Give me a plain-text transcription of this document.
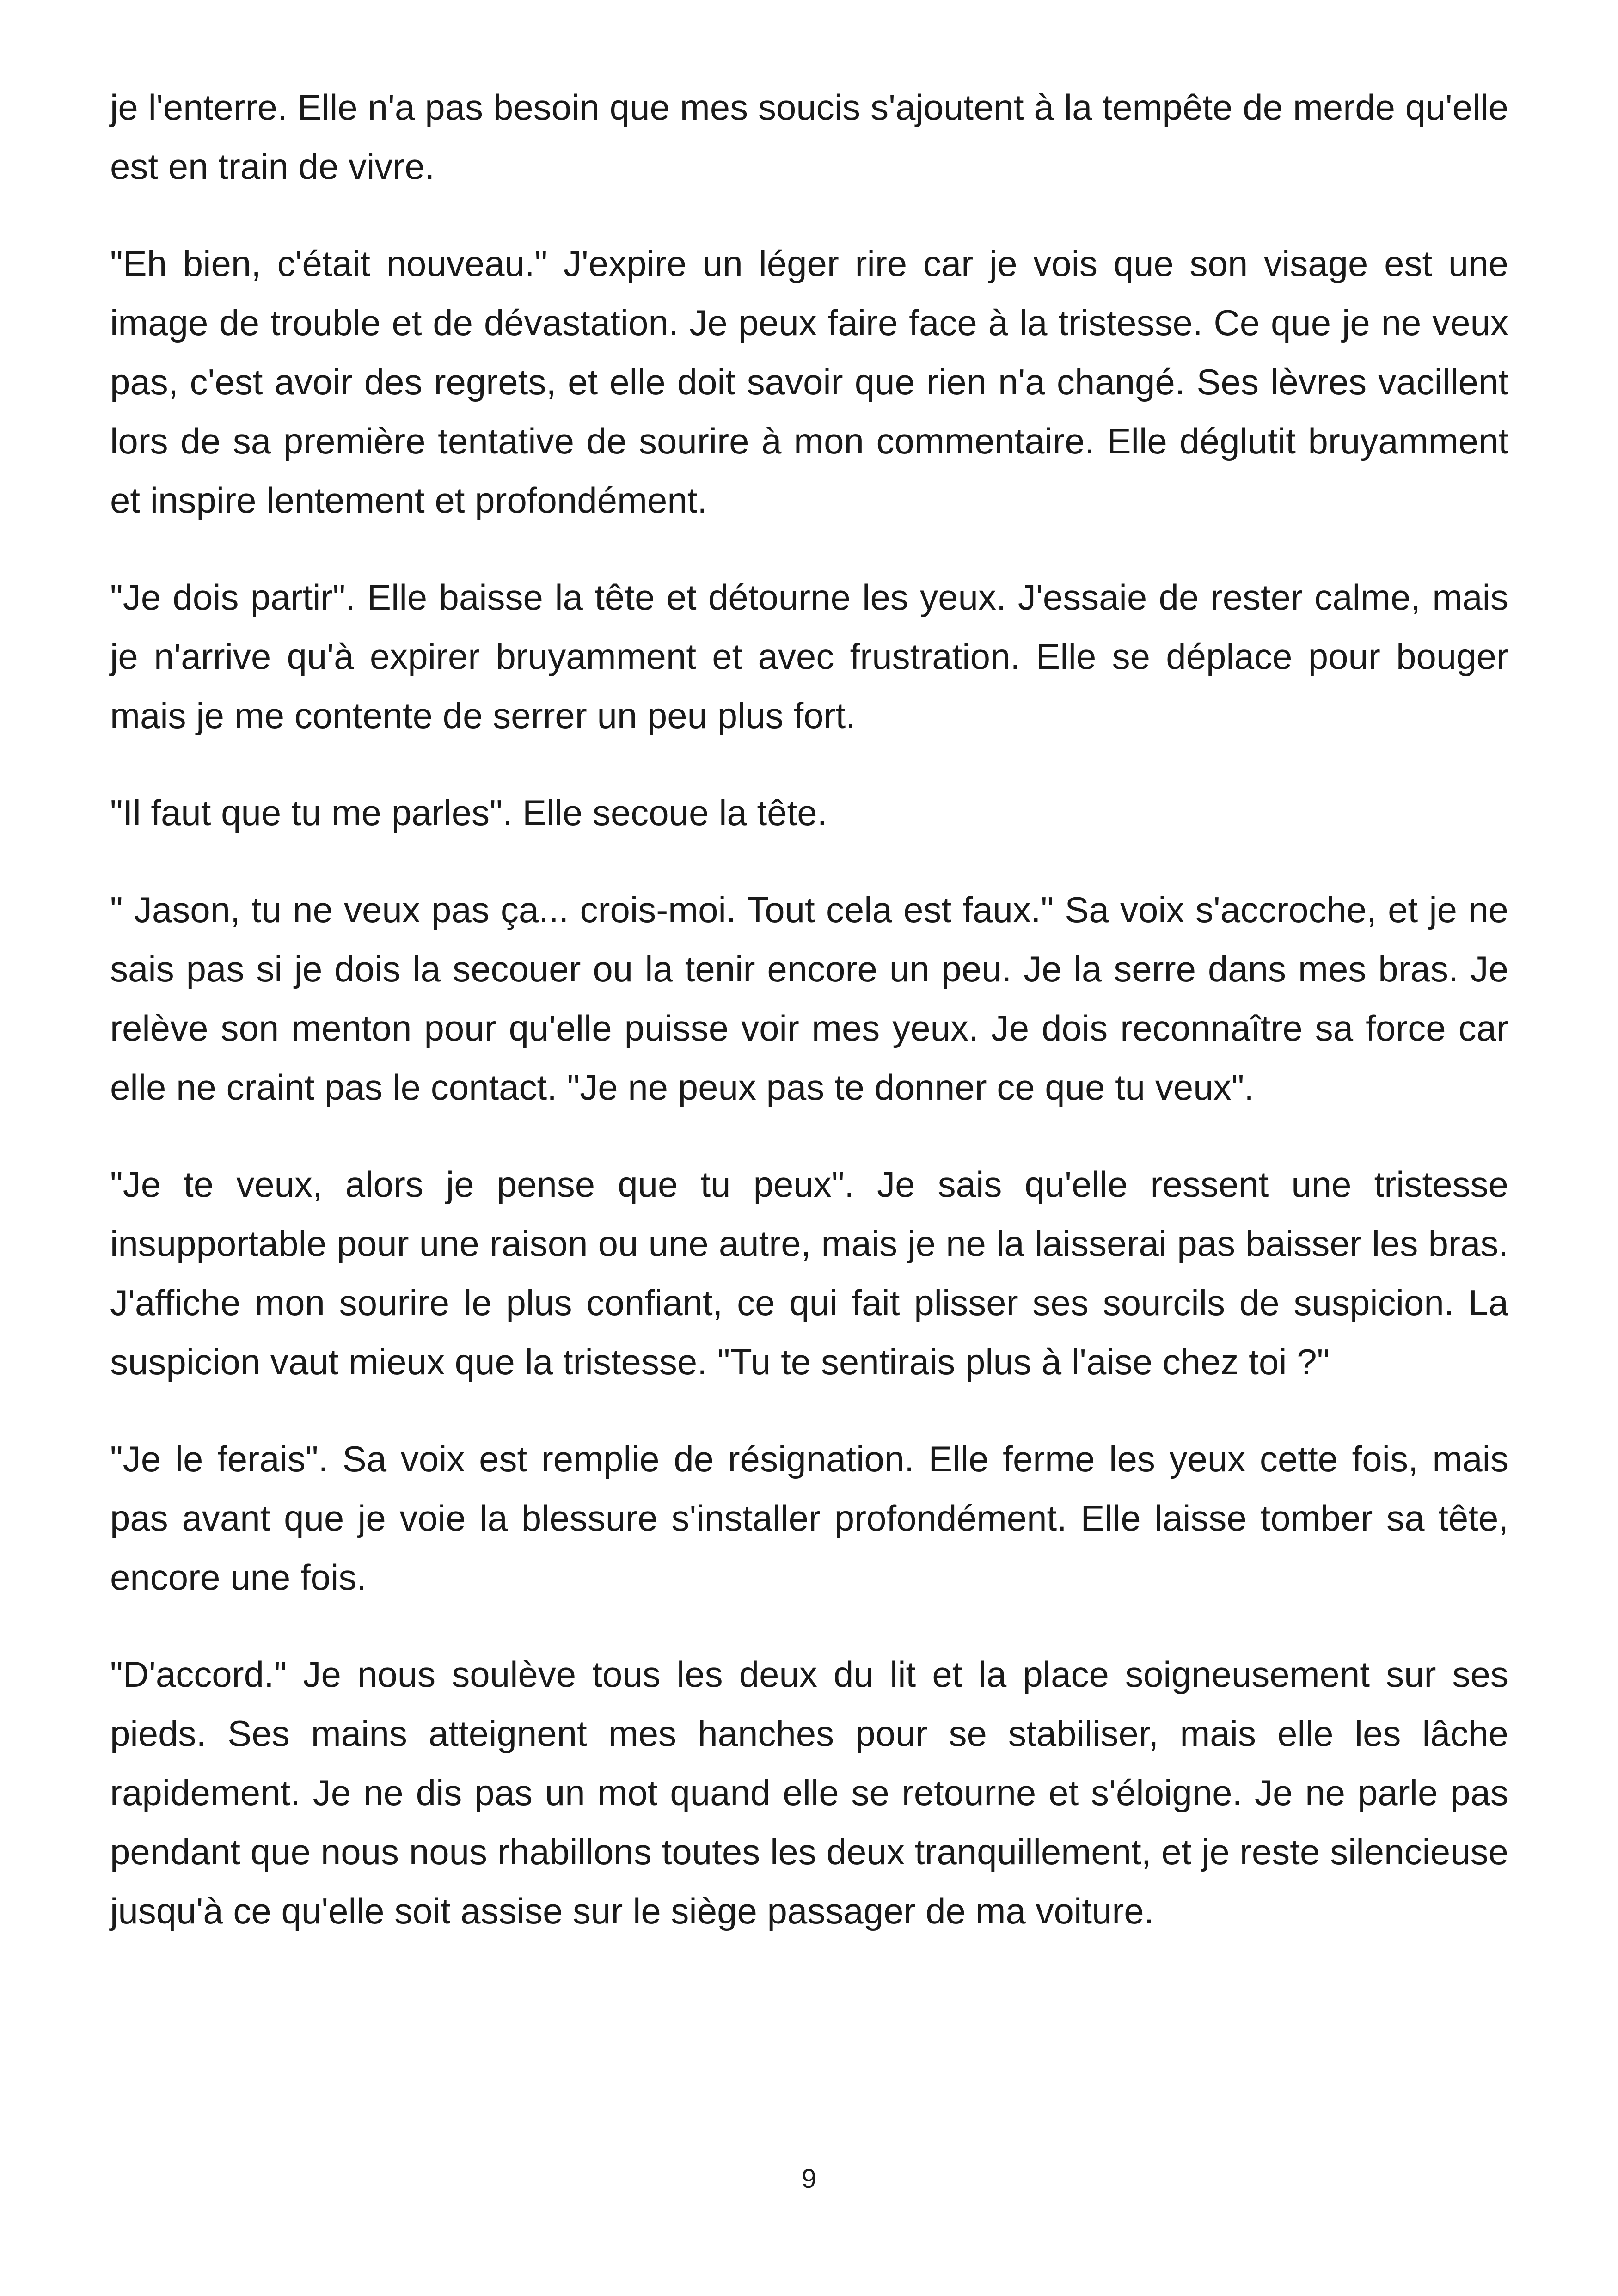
je l'enterre. Elle n'a pas besoin que mes soucis s'ajoutent à la tempête de merde qu'elle est en train de vivre.

"Eh bien, c'était nouveau." J'expire un léger rire car je vois que son visage est une image de trouble et de dévastation. Je peux faire face à la tristesse. Ce que je ne veux pas, c'est avoir des regrets, et elle doit savoir que rien n'a changé. Ses lèvres vacillent lors de sa première tentative de sourire à mon commentaire. Elle déglutit bruyamment et inspire lentement et profondément.

"Je dois partir". Elle baisse la tête et détourne les yeux. J'essaie de rester calme, mais je n'arrive qu'à expirer bruyamment et avec frustration. Elle se déplace pour bouger mais je me contente de serrer un peu plus fort.

"Il faut que tu me parles". Elle secoue la tête.

" Jason, tu ne veux pas ça... crois-moi. Tout cela est faux." Sa voix s'accroche, et je ne sais pas si je dois la secouer ou la tenir encore un peu. Je la serre dans mes bras. Je relève son menton pour qu'elle puisse voir mes yeux. Je dois reconnaître sa force car elle ne craint pas le contact. "Je ne peux pas te donner ce que tu veux".

"Je te veux, alors je pense que tu peux". Je sais qu'elle ressent une tristesse insupportable pour une raison ou une autre, mais je ne la laisserai pas baisser les bras. J'affiche mon sourire le plus confiant, ce qui fait plisser ses sourcils de suspicion. La suspicion vaut mieux que la tristesse. "Tu te sentirais plus à l'aise chez toi ?"

"Je le ferais". Sa voix est remplie de résignation. Elle ferme les yeux cette fois, mais pas avant que je voie la blessure s'installer profondément. Elle laisse tomber sa tête, encore une fois.

"D'accord." Je nous soulève tous les deux du lit et la place soigneusement sur ses pieds. Ses mains atteignent mes hanches pour se stabiliser, mais elle les lâche rapidement. Je ne dis pas un mot quand elle se retourne et s'éloigne. Je ne parle pas pendant que nous nous rhabillons toutes les deux tranquillement, et je reste silencieuse jusqu'à ce qu'elle soit assise sur le siège passager de ma voiture.

9
